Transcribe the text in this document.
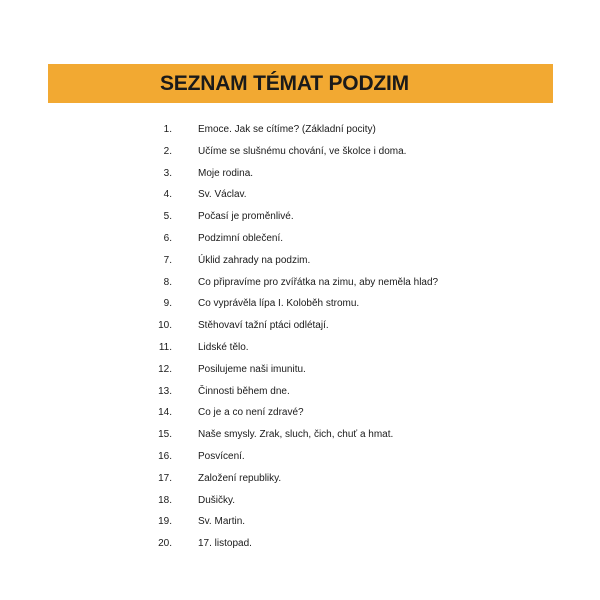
SEZNAM TÉMAT PODZIM
1.	Emoce. Jak se cítíme? (Základní pocity)
2.	Učíme se slušnému chování, ve školce i doma.
3.	Moje rodina.
4.	Sv. Václav.
5.	Počasí je proměnlivé.
6.	Podzimní oblečení.
7.	Úklid zahrady na podzim.
8.	Co připravíme pro zvířátka na zimu, aby neměla hlad?
9.	Co vyprávěla lípa I. Koloběh stromu.
10.	Stěhovaví tažní ptáci odlétají.
11.	Lidské tělo.
12.	Posilujeme naši imunitu.
13.	Činnosti během dne.
14.	Co je a co není zdravé?
15.	Naše smysly. Zrak, sluch, čich, chuť a hmat.
16.	Posvícení.
17.	Založení republiky.
18.	Dušičky.
19.	Sv. Martin.
20.	17. listopad.
